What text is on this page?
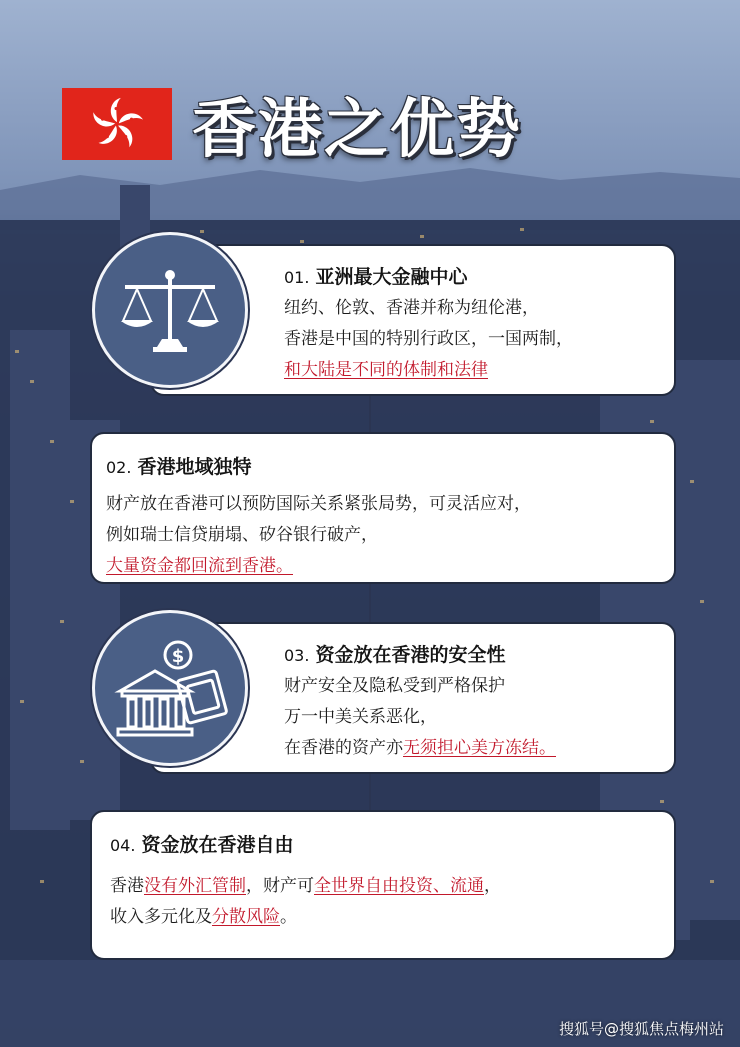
香港之优势
01. 亚洲最大金融中心

纽约、伦敦、香港并称为纽伦港，

香港是中国的特别行政区，一国两制，

和大陆是不同的体制和法律

02. 香港地域独特

财产放在香港可以预防国际关系紧张局势，可灵活应对，

例如瑞士信贷崩塌、矽谷银行破产，

大量资金都回流到香港。

03. 资金放在香港的安全性

财产安全及隐私受到严格保护

万一中美关系恶化，

在香港的资产亦无须担心美方冻结。

$
04. 资金放在香港自由

香港没有外汇管制，财产可全世界自由投资、流通，

收入多元化及分散风险。

搜狐号@搜狐焦点梅州站
